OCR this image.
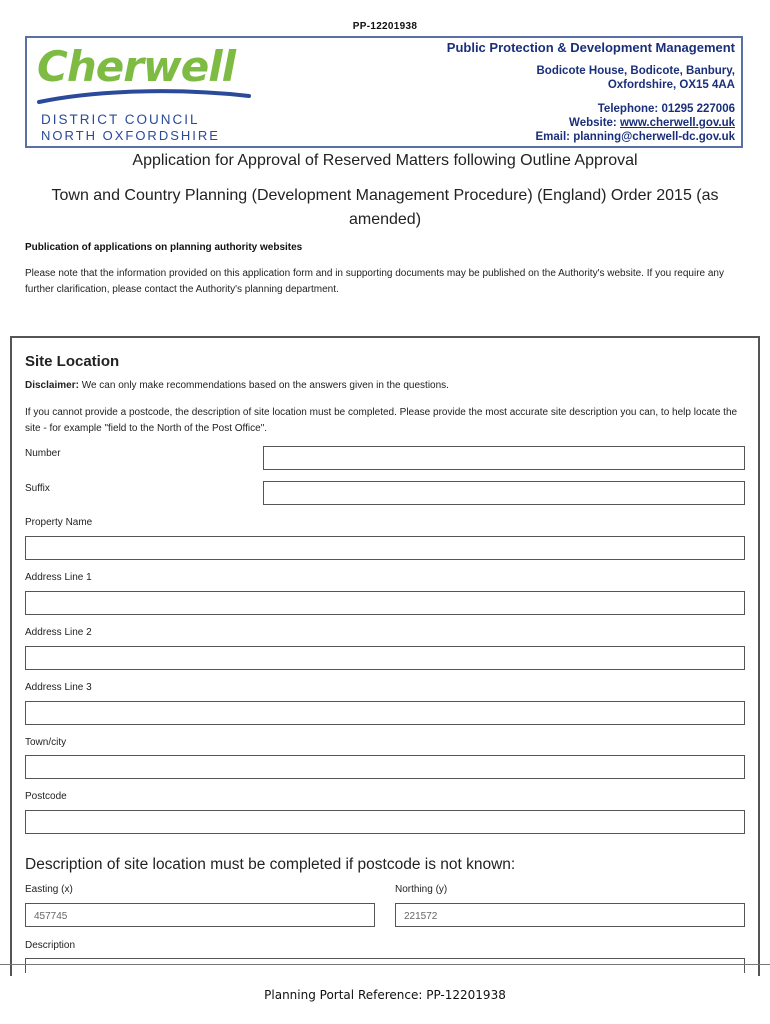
PP-12201938
Cherwell
DISTRICT COUNCIL
NORTH OXFORDSHIRE
Public Protection & Development Management
Bodicote House, Bodicote, Banbury,
Oxfordshire, OX15 4AA
Telephone: 01295 227006
Website: www.cherwell.gov.uk
Email: planning@cherwell-dc.gov.uk
Application for Approval of Reserved Matters following Outline Approval
Town and Country Planning (Development Management Procedure) (England) Order 2015 (as amended)
Publication of applications on planning authority websites
Please note that the information provided on this application form and in supporting documents may be published on the Authority's website. If you require any further clarification, please contact the Authority's planning department.
Site Location
Disclaimer: We can only make recommendations based on the answers given in the questions.
If you cannot provide a postcode, the description of site location must be completed. Please provide the most accurate site description you can, to help locate the site - for example "field to the North of the Post Office".
Number
Suffix
Property Name
Address Line 1
Address Line 2
Address Line 3
Town/city
Postcode
Description of site location must be completed if postcode is not known:
Easting (x)
457745
Northing (y)
221572
Description
Planning Portal Reference: PP-12201938
